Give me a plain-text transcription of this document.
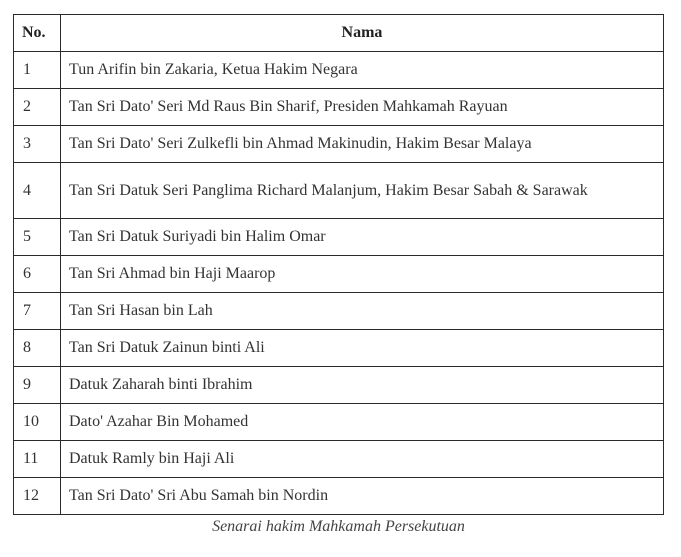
No.	Nama
1	Tun Arifin bin Zakaria, Ketua Hakim Negara
2	Tan Sri Dato' Seri Md Raus Bin Sharif, Presiden Mahkamah Rayuan
3	Tan Sri Dato' Seri Zulkefli bin Ahmad Makinudin, Hakim Besar Malaya
4	Tan Sri Datuk Seri Panglima Richard Malanjum, Hakim Besar Sabah & Sarawak
5	Tan Sri Datuk Suriyadi bin Halim Omar
6	Tan Sri Ahmad bin Haji Maarop
7	Tan Sri Hasan bin Lah
8	Tan Sri Datuk Zainun binti Ali
9	Datuk Zaharah binti Ibrahim
10	Dato' Azahar Bin Mohamed
11	Datuk Ramly bin Haji Ali
12	Tan Sri Dato' Sri Abu Samah bin Nordin
Senarai hakim Mahkamah Persekutuan
